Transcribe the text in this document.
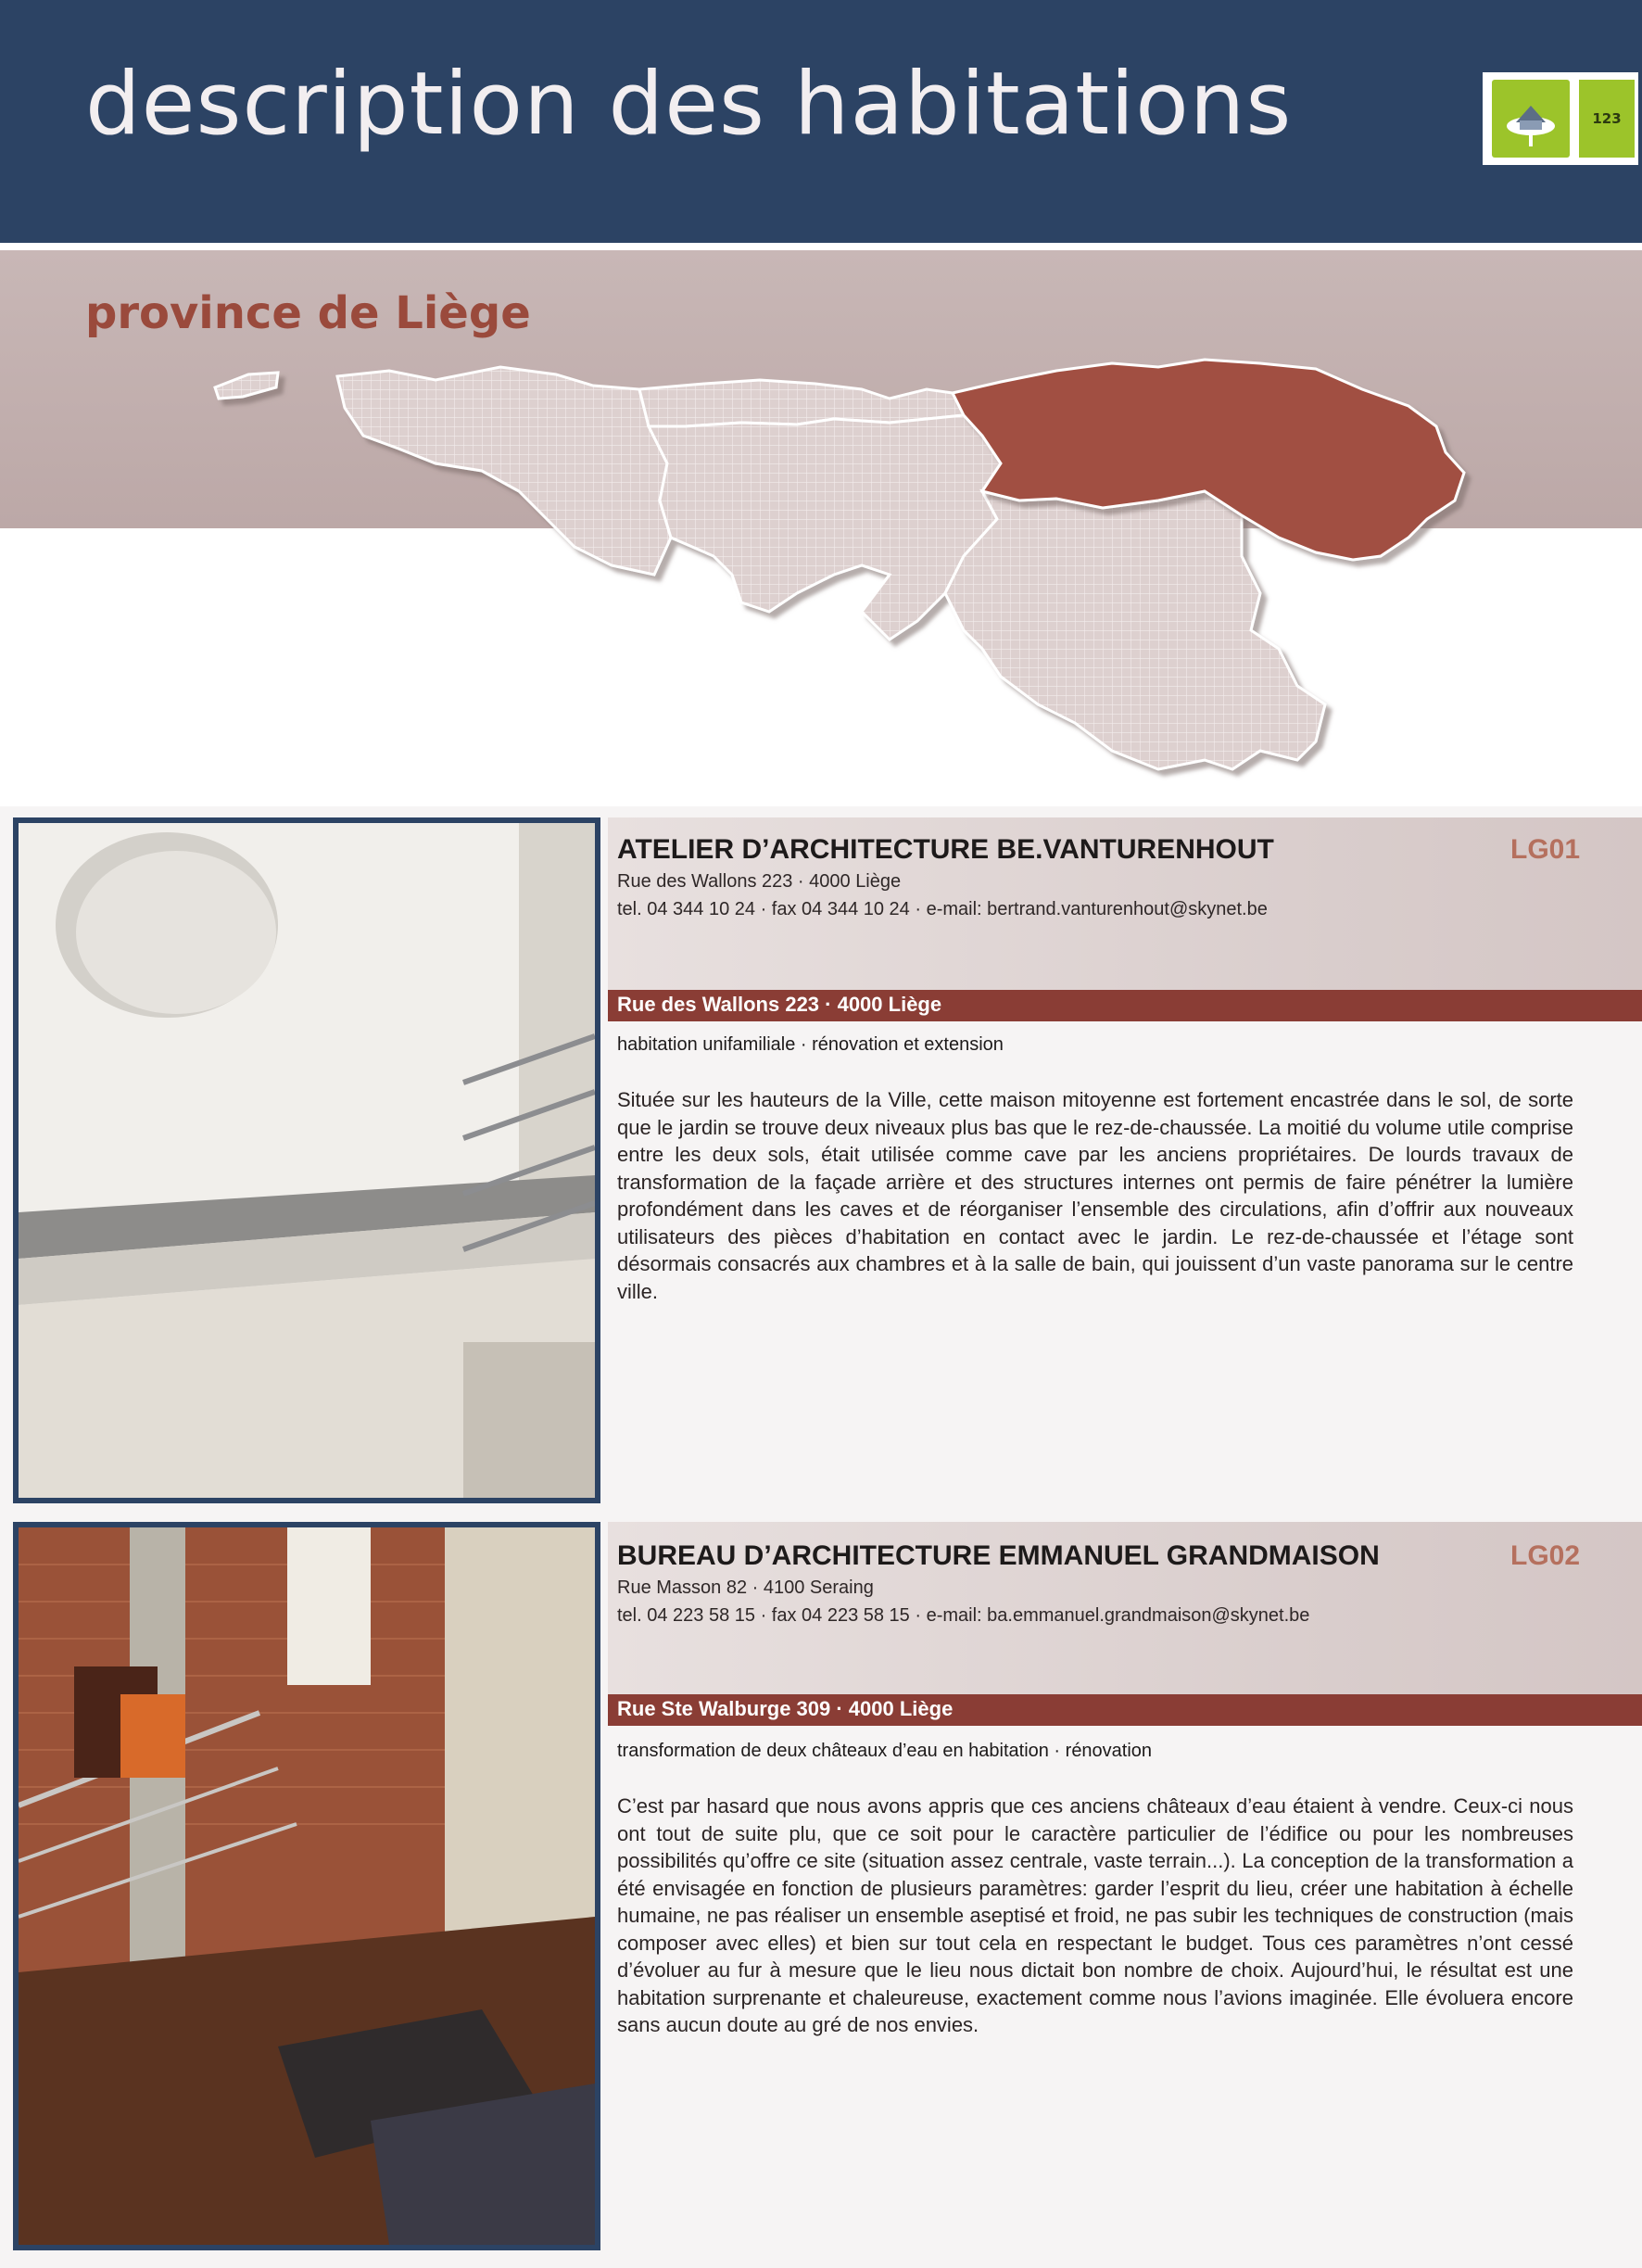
description des habitations	123
province de Liège
ATELIER D’ARCHITECTURE BE.VANTURENHOUT	LG01
Rue des Wallons 223 · 4000 Liège
tel. 04 344 10 24 · fax 04 344 10 24 · e-mail: bertrand.vanturenhout@skynet.be
Rue des Wallons 223 · 4000 Liège
habitation unifamiliale · rénovation et extension
Située sur les hauteurs de la Ville, cette maison mitoyenne est fortement encastrée dans le sol, de sorte que le jardin se trouve deux niveaux plus bas que le rez-de-chaussée. La moitié du volume utile comprise entre les deux sols, était utilisée comme cave par les anciens propriétaires. De lourds travaux de transformation de la façade arrière et des structures internes ont permis de faire pénétrer la lumière profondément dans les caves et de réorganiser l’ensemble des circulations, afin d’offrir aux nouveaux utilisateurs des pièces d’habitation en contact avec le jardin. Le rez-de-chaussée et l’étage sont désormais consacrés aux chambres et à la salle de bain, qui jouissent d’un vaste panorama sur le centre ville.
BUREAU D’ARCHITECTURE EMMANUEL GRANDMAISON	LG02
Rue Masson 82 · 4100 Seraing
tel. 04 223 58 15 · fax 04 223 58 15 · e-mail: ba.emmanuel.grandmaison@skynet.be
Rue Ste Walburge 309 · 4000 Liège
transformation de deux châteaux d’eau en habitation · rénovation
C’est par hasard que nous avons appris que ces anciens châteaux d’eau étaient à vendre. Ceux-ci nous ont tout de suite plu, que ce soit pour le caractère particulier de l’édifice ou pour les nombreuses possibilités qu’offre ce site (situation assez centrale, vaste terrain...). La conception de la transformation a été envisagée en fonction de plusieurs paramètres: garder l’esprit du lieu, créer une habitation à échelle humaine, ne pas réaliser un ensemble aseptisé et froid, ne pas subir les techniques de construction (mais composer avec elles) et bien sur tout cela en respectant le budget. Tous ces paramètres n’ont cessé d’évoluer au fur à mesure que le lieu nous dictait bon nombre de choix. Aujourd’hui, le résultat est une habitation surprenante et chaleureuse, exactement comme nous l’avions imaginée. Elle évoluera encore sans aucun doute au gré de nos envies.
